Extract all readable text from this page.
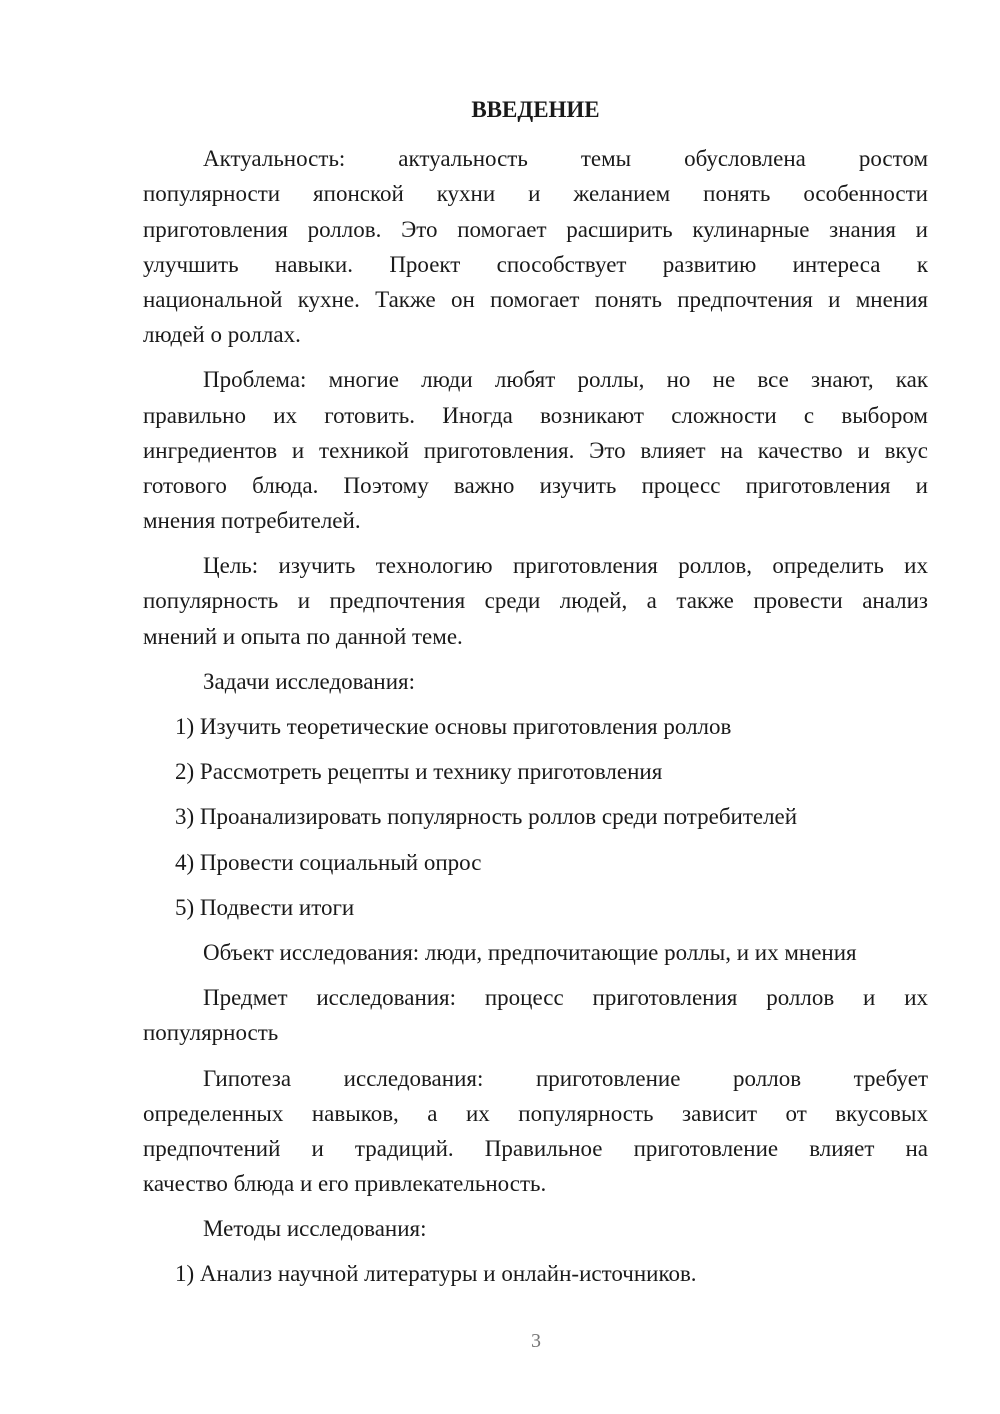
ВВЕДЕНИЕ
Актуальность: актуальность темы обусловлена ростом
популярности японской кухни и желанием понять особенности
приготовления роллов. Это помогает расширить кулинарные знания и
улучшить навыки. Проект способствует развитию интереса к
национальной кухне. Также он помогает понять предпочтения и мнения
людей о роллах.
Проблема: многие люди любят роллы, но не все знают, как
правильно их готовить. Иногда возникают сложности с выбором
ингредиентов и техникой приготовления. Это влияет на качество и вкус
готового блюда. Поэтому важно изучить процесс приготовления и
мнения потребителей.
Цель: изучить технологию приготовления роллов, определить их
популярность и предпочтения среди людей, а также провести анализ
мнений и опыта по данной теме.
Задачи исследования:
1) Изучить теоретические основы приготовления роллов
2) Рассмотреть рецепты и технику приготовления
3) Проанализировать популярность роллов среди потребителей
4) Провести социальный опрос
5) Подвести итоги
Объект исследования: люди, предпочитающие роллы, и их мнения
Предмет исследования: процесс приготовления роллов и их
популярность
Гипотеза исследования: приготовление роллов требует
определенных навыков, а их популярность зависит от вкусовых
предпочтений и традиций. Правильное приготовление влияет на
качество блюда и его привлекательность.
Методы исследования:
1) Анализ научной литературы и онлайн-источников.
3
